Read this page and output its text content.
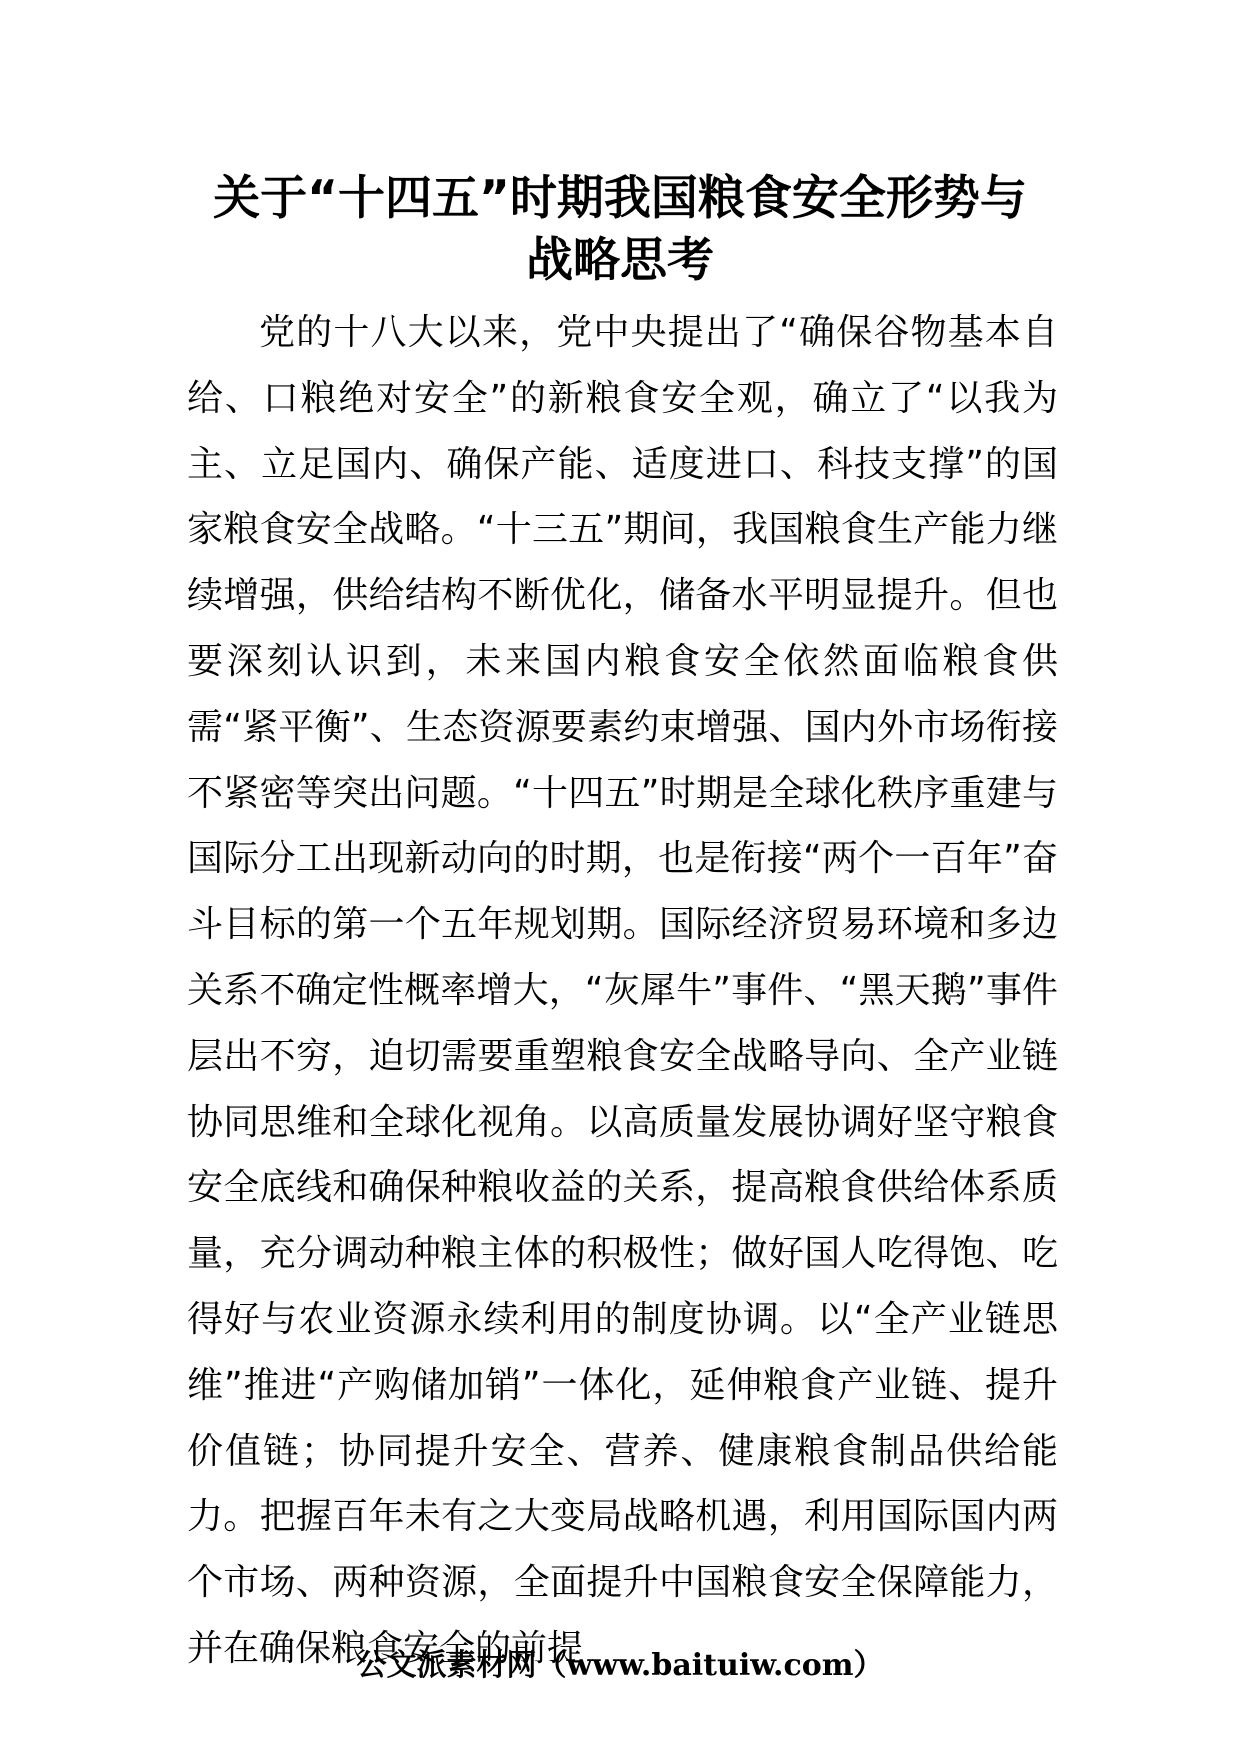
关于“十四五”时期我国粮食安全形势与
战略思考

党的十八大以来，党中央提出了“确保谷物基本自给、口粮绝对安全”的新粮食安全观，确立了“以我为主、立足国内、确保产能、适度进口、科技支撑”的国家粮食安全战略。“十三五”期间，我国粮食生产能力继续增强，供给结构不断优化，储备水平明显提升。但也要深刻认识到，未来国内粮食安全依然面临粮食供需“紧平衡”、生态资源要素约束增强、国内外市场衔接不紧密等突出问题。“十四五”时期是全球化秩序重建与国际分工出现新动向的时期，也是衔接“两个一百年”奋斗目标的第一个五年规划期。国际经济贸易环境和多边关系不确定性概率增大，“灰犀牛”事件、“黑天鹅”事件层出不穷，迫切需要重塑粮食安全战略导向、全产业链协同思维和全球化视角。以高质量发展协调好坚守粮食安全底线和确保种粮收益的关系，提高粮食供给体系质量，充分调动种粮主体的积极性；做好国人吃得饱、吃得好与农业资源永续利用的制度协调。以“全产业链思维”推进“产购储加销”一体化，延伸粮食产业链、提升价值链；协同提升安全、营养、健康粮食制品供给能力。把握百年未有之大变局战略机遇，利用国际国内两个市场、两种资源，全面提升中国粮食安全保障能力，并在确保粮食安全的前提

公文派素材网（www.baituiw.com）
